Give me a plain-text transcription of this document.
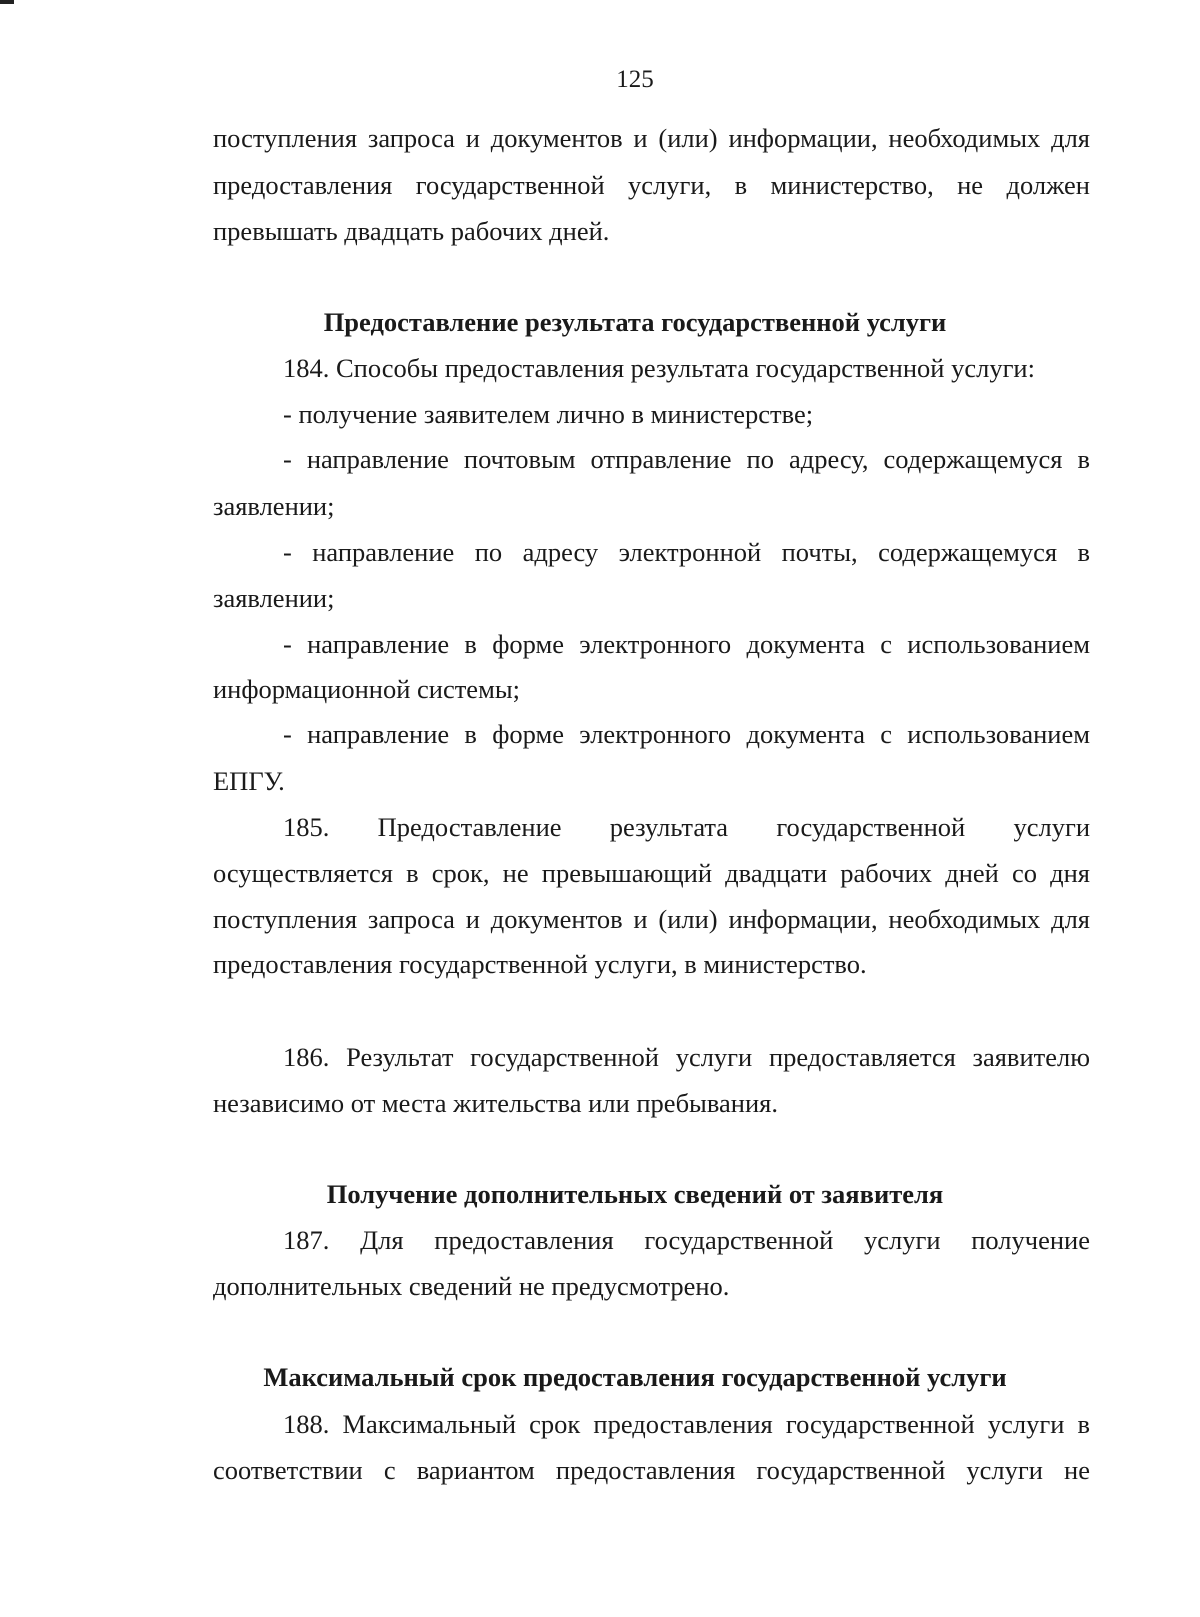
125
поступления запроса и документов и (или) информации, необходимых для
предоставления государственной услуги, в министерство, не должен
превышать двадцать рабочих дней.
Предоставление результата государственной услуги
184. Способы предоставления результата государственной услуги:
- получение заявителем лично в министерстве;
- направление почтовым отправление по адресу, содержащемуся в
заявлении;
- направление по адресу электронной почты, содержащемуся в
заявлении;
- направление в форме электронного документа с использованием
информационной системы;
- направление в форме электронного документа с использованием
ЕПГУ.
185. Предоставление результата государственной услуги
осуществляется в срок, не превышающий двадцати рабочих дней со дня
поступления запроса и документов и (или) информации, необходимых для
предоставления государственной услуги, в министерство.
186. Результат государственной услуги предоставляется заявителю
независимо от места жительства или пребывания.
Получение дополнительных сведений от заявителя
187. Для предоставления государственной услуги получение
дополнительных сведений не предусмотрено.
Максимальный срок предоставления государственной услуги
188. Максимальный срок предоставления государственной услуги в
соответствии с вариантом предоставления государственной услуги не
